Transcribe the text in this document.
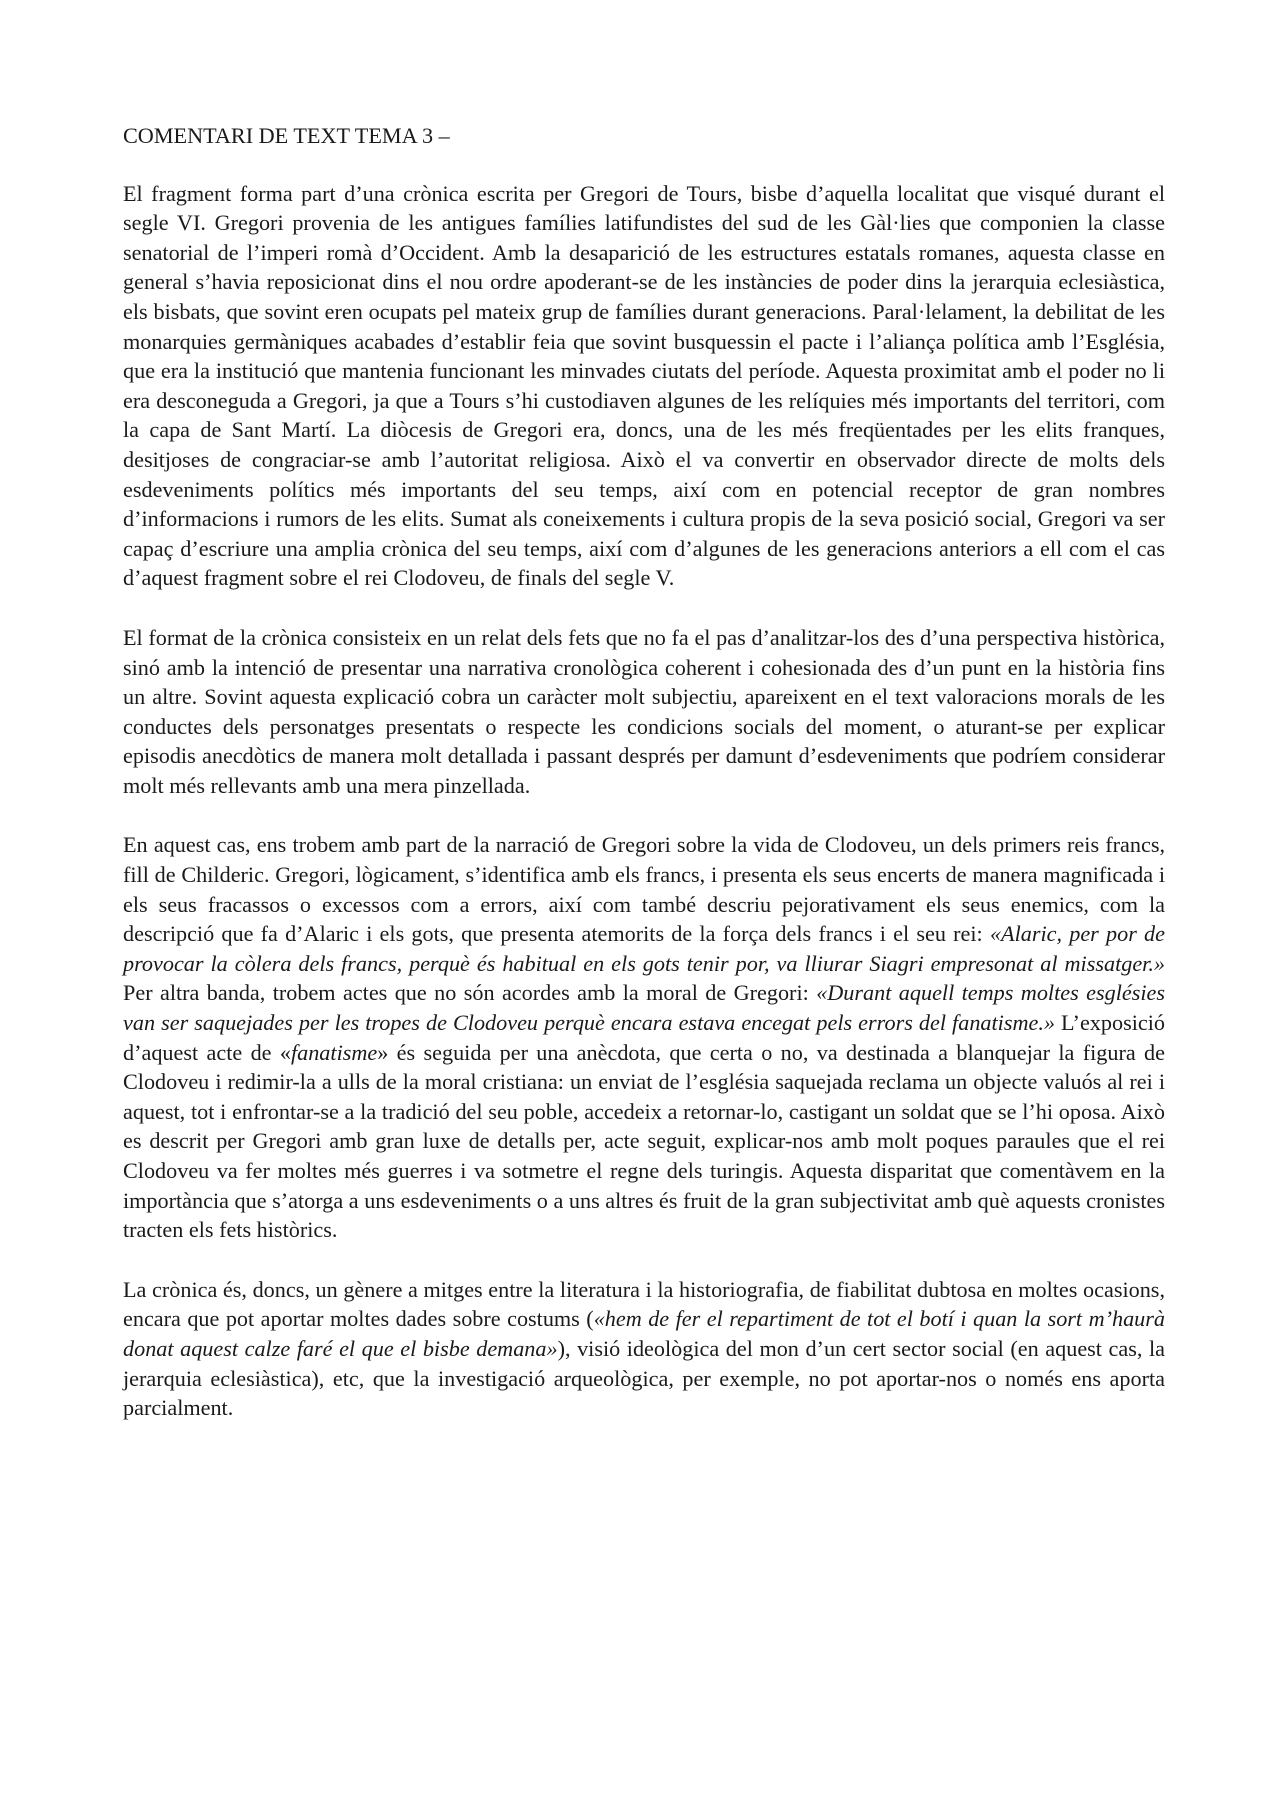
COMENTARI DE TEXT TEMA 3 –

El fragment forma part d’una crònica escrita per Gregori de Tours, bisbe d’aquella localitat que visqué durant el segle VI. Gregori provenia de les antigues famílies latifundistes del sud de les Gàl·lies que componien la classe senatorial de l’imperi romà d’Occident. Amb la desaparició de les estructures estatals romanes, aquesta classe en general s’havia reposicionat dins el nou ordre apoderant-se de les instàncies de poder dins la jerarquia eclesiàstica, els bisbats, que sovint eren ocupats pel mateix grup de famílies durant generacions. Paral·lelament, la debilitat de les monarquies germàniques acabades d’establir feia que sovint busquessin el pacte i l’aliança política amb l’Església, que era la institució que mantenia funcionant les minvades ciutats del període. Aquesta proximitat amb el poder no li era desconeguda a Gregori, ja que a Tours s’hi custodiaven algunes de les relíquies més importants del territori, com la capa de Sant Martí. La diòcesis de Gregori era, doncs, una de les més freqüentades per les elits franques, desitjoses de congraciar-se amb l’autoritat religiosa. Això el va convertir en observador directe de molts dels esdeveniments polítics més importants del seu temps, així com en potencial receptor de gran nombres d’informacions i rumors de les elits. Sumat als coneixements i cultura propis de la seva posició social, Gregori va ser capaç d’escriure una amplia crònica del seu temps, així com d’algunes de les generacions anteriors a ell com el cas d’aquest fragment sobre el rei Clodoveu, de finals del segle V.

El format de la crònica consisteix en un relat dels fets que no fa el pas d’analitzar-los des d’una perspectiva històrica, sinó amb la intenció de presentar una narrativa cronològica coherent i cohesionada des d’un punt en la història fins un altre. Sovint aquesta explicació cobra un caràcter molt subjectiu, apareixent en el text valoracions morals de les conductes dels personatges presentats o respecte les condicions socials del moment, o aturant-se per explicar episodis anecdòtics de manera molt detallada i passant després per damunt d’esdeveniments que podríem considerar molt més rellevants amb una mera pinzellada.

En aquest cas, ens trobem amb part de la narració de Gregori sobre la vida de Clodoveu, un dels primers reis francs, fill de Childeric. Gregori, lògicament, s’identifica amb els francs, i presenta els seus encerts de manera magnificada i els seus fracassos o excessos com a errors, així com també descriu pejorativament els seus enemics, com la descripció que fa d’Alaric i els gots, que presenta atemorits de la força dels francs i el seu rei: «Alaric, per por de provocar la còlera dels francs, perquè és habitual en els gots tenir por, va lliurar Siagri empresonat al missatger.» Per altra banda, trobem actes que no són acordes amb la moral de Gregori: «Durant aquell temps moltes esglésies van ser saquejades per les tropes de Clodoveu perquè encara estava encegat pels errors del fanatisme.» L’exposició d’aquest acte de «fanatisme» és seguida per una anècdota, que certa o no, va destinada a blanquejar la figura de Clodoveu i redimir-la a ulls de la moral cristiana: un enviat de l’església saquejada reclama un objecte valuós al rei i aquest, tot i enfrontar-se a la tradició del seu poble, accedeix a retornar-lo, castigant un soldat que se l’hi oposa. Això es descrit per Gregori amb gran luxe de detalls per, acte seguit, explicar-nos amb molt poques paraules que el rei Clodoveu va fer moltes més guerres i va sotmetre el regne dels turingis. Aquesta disparitat que comentàvem en la importància que s’atorga a uns esdeveniments o a uns altres és fruit de la gran subjectivitat amb què aquests cronistes tracten els fets històrics.

La crònica és, doncs, un gènere a mitges entre la literatura i la historiografia, de fiabilitat dubtosa en moltes ocasions, encara que pot aportar moltes dades sobre costums («hem de fer el repartiment de tot el botí i quan la sort m’haurà donat aquest calze faré el que el bisbe demana»), visió ideològica del mon d’un cert sector social (en aquest cas, la jerarquia eclesiàstica), etc, que la investigació arqueològica, per exemple, no pot aportar-nos o només ens aporta parcialment.
